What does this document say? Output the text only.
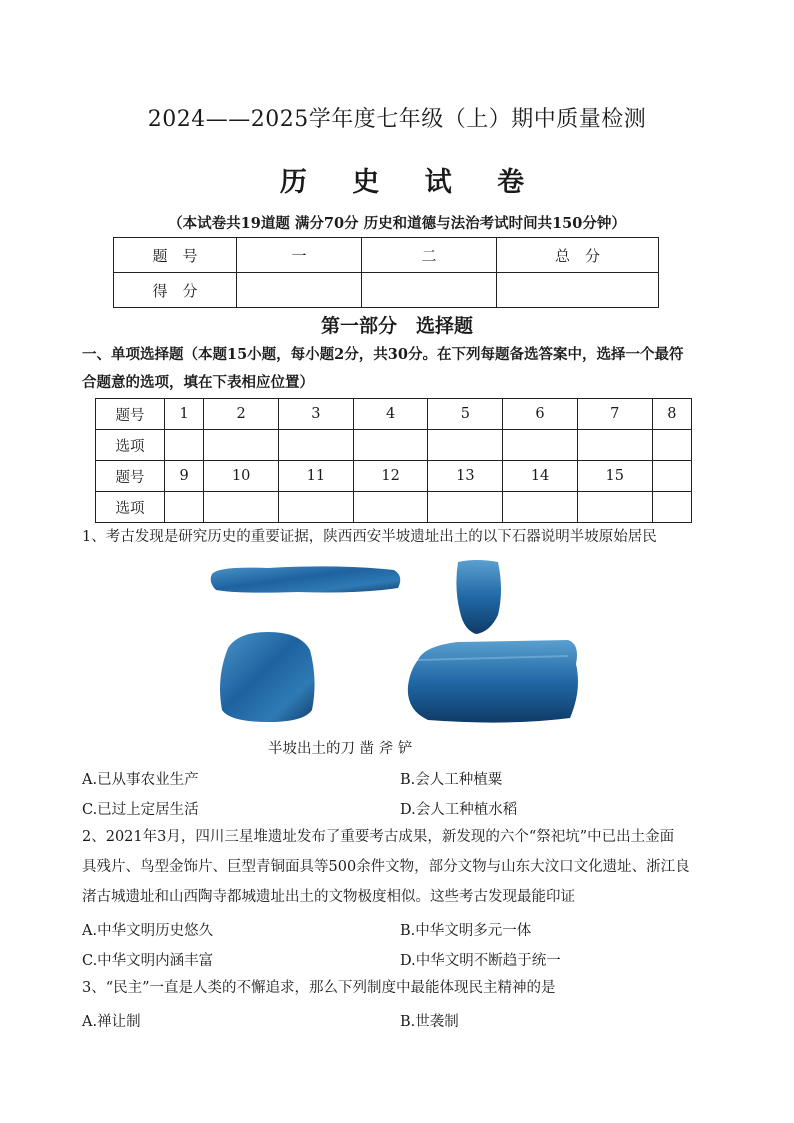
2024——2025学年度七年级（上）期中质量检测
历 史 试 卷
（本试卷共19道题 满分70分 历史和道德与法治考试时间共150分钟）
题　号	一	二	总　分
得　分			
第一部分　选择题
一、单项选择题（本题15小题，每小题2分，共30分。在下列每题备选答案中，选择一个最符
合题意的选项，填在下表相应位置）
题号	1	2	3	4	5	6	7	8
选项								
题号	9	10	11	12	13	14	15	
选项								
1、考古发现是研究历史的重要证据，陕西西安半坡遗址出土的以下石器说明半坡原始居民
半坡出土的刀 凿 斧 铲
A.已从事农业生产	B.会人工种植粟
C.已过上定居生活	D.会人工种植水稻
2、2021年3月，四川三星堆遗址发布了重要考古成果，新发现的六个“祭祀坑”中已出土金面
具残片、鸟型金饰片、巨型青铜面具等500余件文物，部分文物与山东大汶口文化遗址、浙江良
渚古城遗址和山西陶寺都城遗址出土的文物极度相似。这些考古发现最能印证
A.中华文明历史悠久	B.中华文明多元一体
C.中华文明内涵丰富	D.中华文明不断趋于统一
3、“民主”一直是人类的不懈追求，那么下列制度中最能体现民主精神的是
A.禅让制	B.世袭制
